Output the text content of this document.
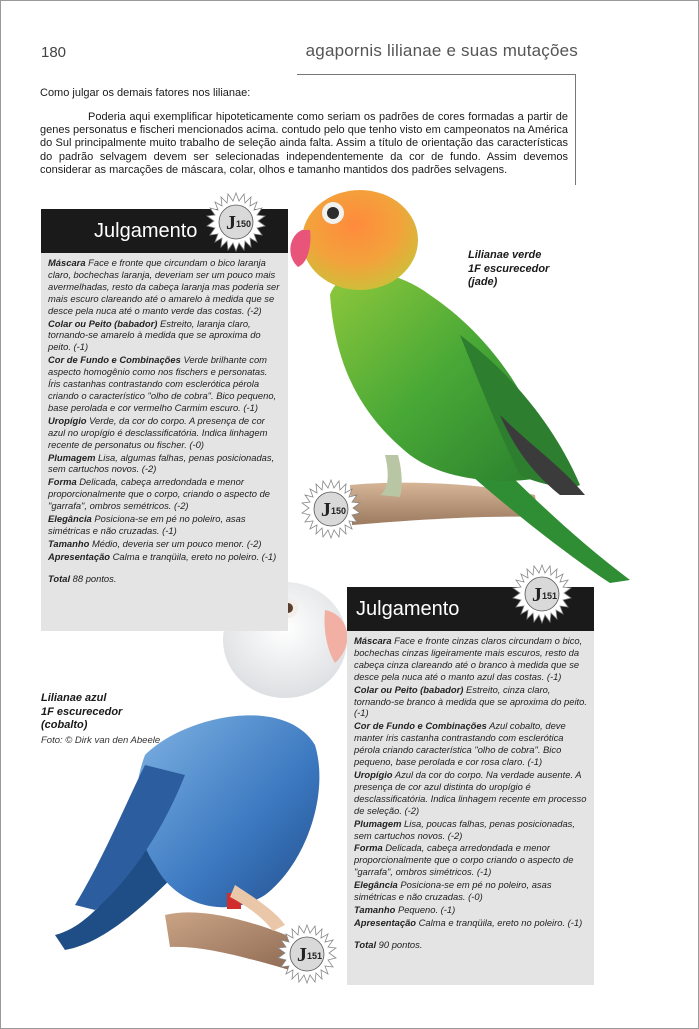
180	agapornis lilianae e suas mutações
Como julgar os demais fatores nos lilianae:
Poderia aqui exemplificar hipoteticamente como seriam os padrões de cores formadas a partir de genes personatus e fischeri mencionados acima. contudo pelo que tenho visto em campeonatos na América do Sul principalmente muito trabalho de seleção ainda falta. Assim a título de orientação das características do padrão selvagem devem ser selecionadas independentemente da cor de fundo. Assim devemos considerar as marcações de máscara, colar, olhos e tamanho mantidos dos padrões selvagens.
Julgamento
Máscara Face e fronte que circundam o bico laranja claro, bochechas laranja, deveriam ser um pouco mais avermelhadas, resto da cabeça laranja mas poderia ser mais escuro clareando até o amarelo à medida que se desce pela nuca até o manto verde das costas. (-2)
Colar ou Peito (babador) Estreito, laranja claro, tornando-se amarelo à medida que se aproxima do peito. (-1)
Cor de Fundo e Combinações Verde brilhante com aspecto homogênio como nos fischers e personatas. Íris castanhas contrastando com esclerótica pérola criando o característico "olho de cobra". Bico pequeno, base perolada e cor vermelho Carmim escuro. (-1)
Uropígio Verde, da cor do corpo. A presença de cor azul no uropígio é desclassificatória. Indica linhagem recente de personatus ou fischer. (-0)
Plumagem Lisa, algumas falhas, penas posicionadas, sem cartuchos novos. (-2)
Forma Delicada, cabeça arredondada e menor proporcionalmente que o corpo, criando o aspecto de "garrafa", ombros semétricos. (-2)
Elegância Posiciona-se em pé no poleiro, asas simétricas e não cruzadas. (-1)
Tamanho Médio, deveria ser um pouco menor. (-2)
Apresentação Calma e tranqüila, ereto no poleiro. (-1)
Total 88 pontos.
Julgamento
Máscara Face e fronte cinzas claros circundam o bico, bochechas cinzas ligeiramente mais escuros, resto da cabeça cinza clareando até o branco à medida que se desce pela nuca até o manto azul das costas. (-1)
Colar ou Peito (babador) Estreito, cinza claro, tornando-se branco à medida que se aproxima do peito. (-1)
Cor de Fundo e Combinações Azul cobalto, deve manter íris castanha contrastando com esclerótica pérola criando característica "olho de cobra". Bico pequeno, base perolada e cor rosa claro. (-1)
Uropígio Azul da cor do corpo. Na verdade ausente. A presença de cor azul distinta do uropígio é desclassificatória. Indica linhagem recente em processo de seleção. (-2)
Plumagem Lisa, poucas falhas, penas posicionadas, sem cartuchos novos. (-2)
Forma Delicada, cabeça arredondada e menor proporcionalmente que o corpo criando o aspecto de "garrafa", ombros simétricos. (-1)
Elegância Posiciona-se em pé no poleiro, asas simétricas e não cruzadas. (-0)
Tamanho Pequeno. (-1)
Apresentação Calma e tranqüila, ereto no poleiro. (-1)
Total 90 pontos.
J 150
J 150
J 151
J 151
Lilianae verde
1F escurecedor
(jade)
Lilianae azul
1F escurecedor
(cobalto)
Foto: © Dirk van den Abeele
